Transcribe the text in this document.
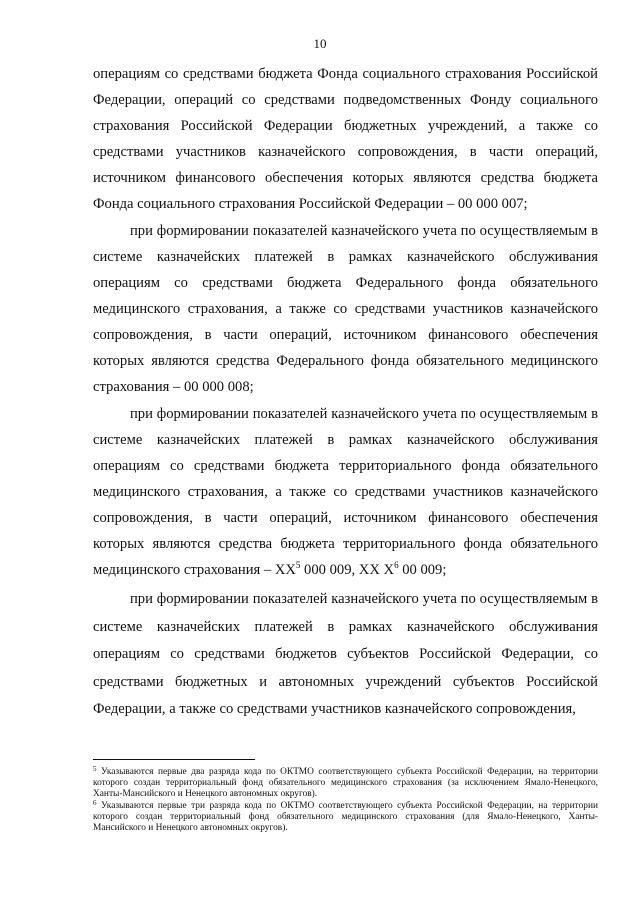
10

операциям со средствами бюджета Фонда социального страхования Российской Федерации, операций со средствами подведомственных Фонду социального страхования Российской Федерации бюджетных учреждений, а также со средствами участников казначейского сопровождения, в части операций, источником финансового обеспечения которых являются средства бюджета Фонда социального страхования Российской Федерации – 00 000 007;

при формировании показателей казначейского учета по осуществляемым в системе казначейских платежей в рамках казначейского обслуживания операциям со средствами бюджета Федерального фонда обязательного медицинского страхования, а также со средствами участников казначейского сопровождения, в части операций, источником финансового обеспечения которых являются средства Федерального фонда обязательного медицинского страхования – 00 000 008;

при формировании показателей казначейского учета по осуществляемым в системе казначейских платежей в рамках казначейского обслуживания операциям со средствами бюджета территориального фонда обязательного медицинского страхования, а также со средствами участников казначейского сопровождения, в части операций, источником финансового обеспечения которых являются средства бюджета территориального фонда обязательного медицинского страхования – $XX^5$ 000 009, XX $X^6$ 00 009;

при формировании показателей казначейского учета по осуществляемым в системе казначейских платежей в рамках казначейского обслуживания операциям со средствами бюджетов субъектов Российской Федерации, со средствами бюджетных и автономных учреждений субъектов Российской Федерации, а также со средствами участников казначейского сопровождения,

$^5$ Указываются первые два разряда кода по ОКТМО соответствующего субъекта Российской Федерации, на территории которого создан территориальный фонд обязательного медицинского страхования (за исключением Ямало-Ненецкого, Ханты-Мансийского и Ненецкого автономных округов).

$^6$ Указываются первые три разряда кода по ОКТМО соответствующего субъекта Российской Федерации, на территории которого создан территориальный фонд обязательного медицинского страхования (для Ямало-Ненецкого, Ханты-Мансийского и Ненецкого автономных округов).
